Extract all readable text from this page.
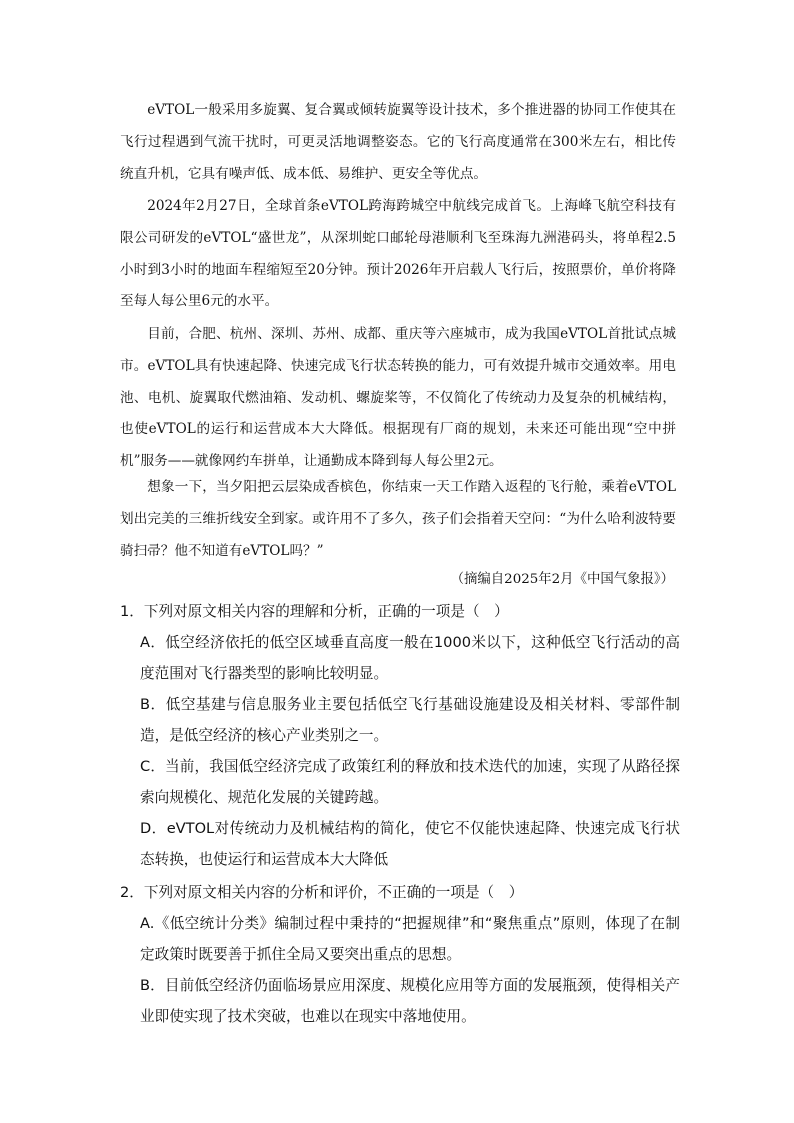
eVTOL一般采用多旋翼、复合翼或倾转旋翼等设计技术，多个推进器的协同工作使其在飞行过程遇到气流干扰时，可更灵活地调整姿态。它的飞行高度通常在300米左右，相比传统直升机，它具有噪声低、成本低、易维护、更安全等优点。
2024年2月27日，全球首条eVTOL跨海跨城空中航线完成首飞。上海峰飞航空科技有限公司研发的eVTOL“盛世龙”，从深圳蛇口邮轮母港顺利飞至珠海九洲港码头，将单程2.5小时到3小时的地面车程缩短至20分钟。预计2026年开启载人飞行后，按照票价，单价将降至每人每公里6元的水平。
目前，合肥、杭州、深圳、苏州、成都、重庆等六座城市，成为我国eVTOL首批试点城市。eVTOL具有快速起降、快速完成飞行状态转换的能力，可有效提升城市交通效率。用电池、电机、旋翼取代燃油箱、发动机、螺旋桨等，不仅简化了传统动力及复杂的机械结构，也使eVTOL的运行和运营成本大大降低。根据现有厂商的规划，未来还可能出现“空中拼机”服务——就像网约车拼单，让通勤成本降到每人每公里2元。
想象一下，当夕阳把云层染成香槟色，你结束一天工作踏入返程的飞行舱，乘着eVTOL划出完美的三维折线安全到家。或许用不了多久，孩子们会指着天空问：“为什么哈利波特要骑扫帚？他不知道有eVTOL吗？”
（摘编自2025年2月《中国气象报》）

1．下列对原文相关内容的理解和分析，正确的一项是（　）

A．低空经济依托的低空区域垂直高度一般在1000米以下，这种低空飞行活动的高度范围对飞行器类型的影响比较明显。

B．低空基建与信息服务业主要包括低空飞行基础设施建设及相关材料、零部件制造，是低空经济的核心产业类别之一。

C．当前，我国低空经济完成了政策红利的释放和技术迭代的加速，实现了从路径探索向规模化、规范化发展的关键跨越。

D．eVTOL对传统动力及机械结构的简化，使它不仅能快速起降、快速完成飞行状态转换，也使运行和运营成本大大降低

2．下列对原文相关内容的分析和评价，不正确的一项是（　）

A.《低空统计分类》编制过程中秉持的“把握规律”和“聚焦重点”原则，体现了在制定政策时既要善于抓住全局又要突出重点的思想。

B．目前低空经济仍面临场景应用深度、规模化应用等方面的发展瓶颈，使得相关产业即使实现了技术突破，也难以在现实中落地使用。
